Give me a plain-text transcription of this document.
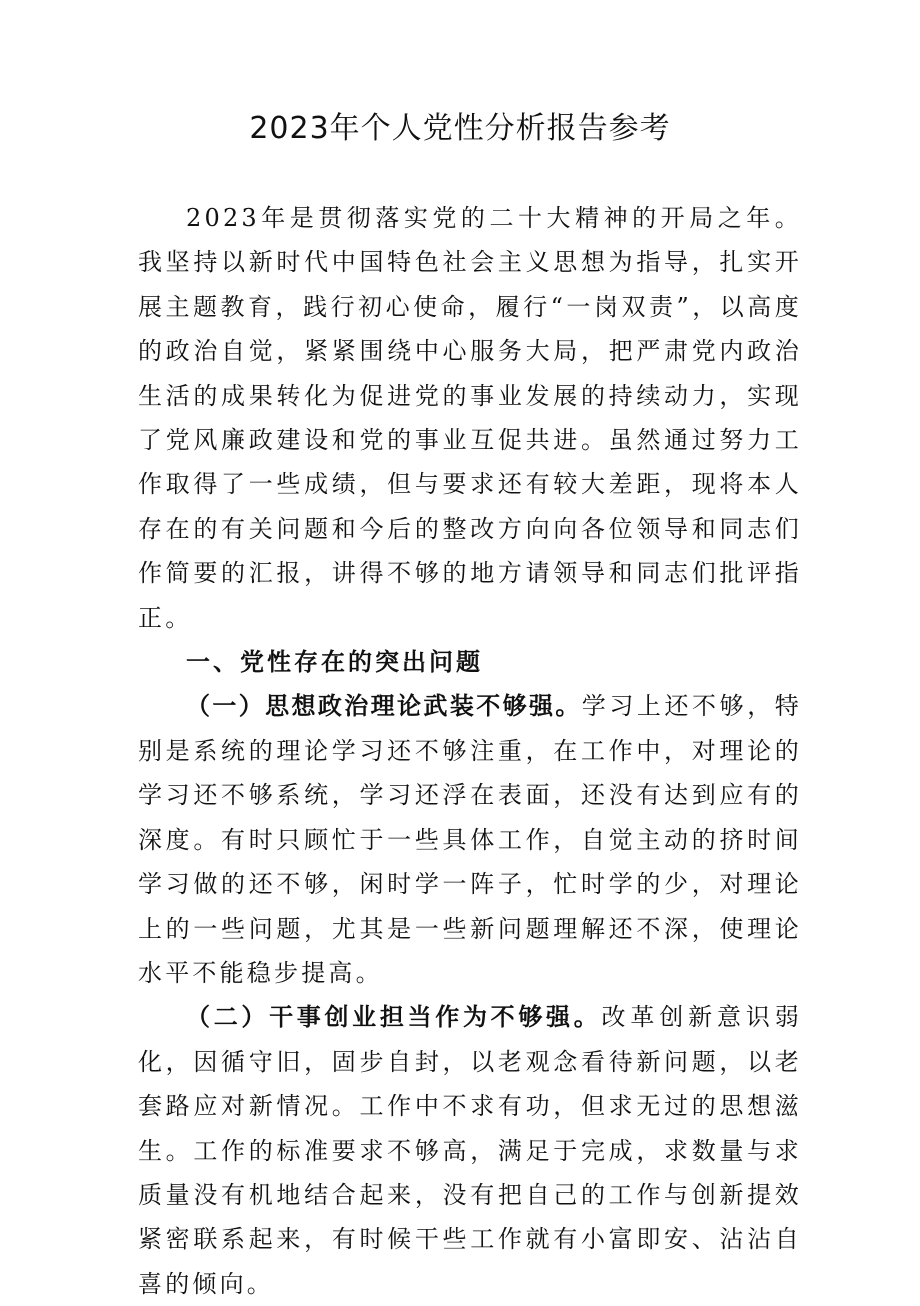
2023年个人党性分析报告参考

2023年是贯彻落实党的二十大精神的开局之年。我坚持以新时代中国特色社会主义思想为指导，扎实开展主题教育，践行初心使命，履行“一岗双责”，以高度的政治自觉，紧紧围绕中心服务大局，把严肃党内政治生活的成果转化为促进党的事业发展的持续动力，实现了党风廉政建设和党的事业互促共进。虽然通过努力工作取得了一些成绩，但与要求还有较大差距，现将本人存在的有关问题和今后的整改方向向各位领导和同志们作简要的汇报，讲得不够的地方请领导和同志们批评指正。

一、党性存在的突出问题

（一）思想政治理论武装不够强。学习上还不够，特别是系统的理论学习还不够注重，在工作中，对理论的学习还不够系统，学习还浮在表面，还没有达到应有的深度。有时只顾忙于一些具体工作，自觉主动的挤时间学习做的还不够，闲时学一阵子，忙时学的少，对理论上的一些问题，尤其是一些新问题理解还不深，使理论水平不能稳步提高。

（二）干事创业担当作为不够强。改革创新意识弱化，因循守旧，固步自封，以老观念看待新问题，以老套路应对新情况。工作中不求有功，但求无过的思想滋生。工作的标准要求不够高，满足于完成，求数量与求质量没有机地结合起来，没有把自己的工作与创新提效紧密联系起来，有时候干些工作就有小富即安、沾沾自喜的倾向。
